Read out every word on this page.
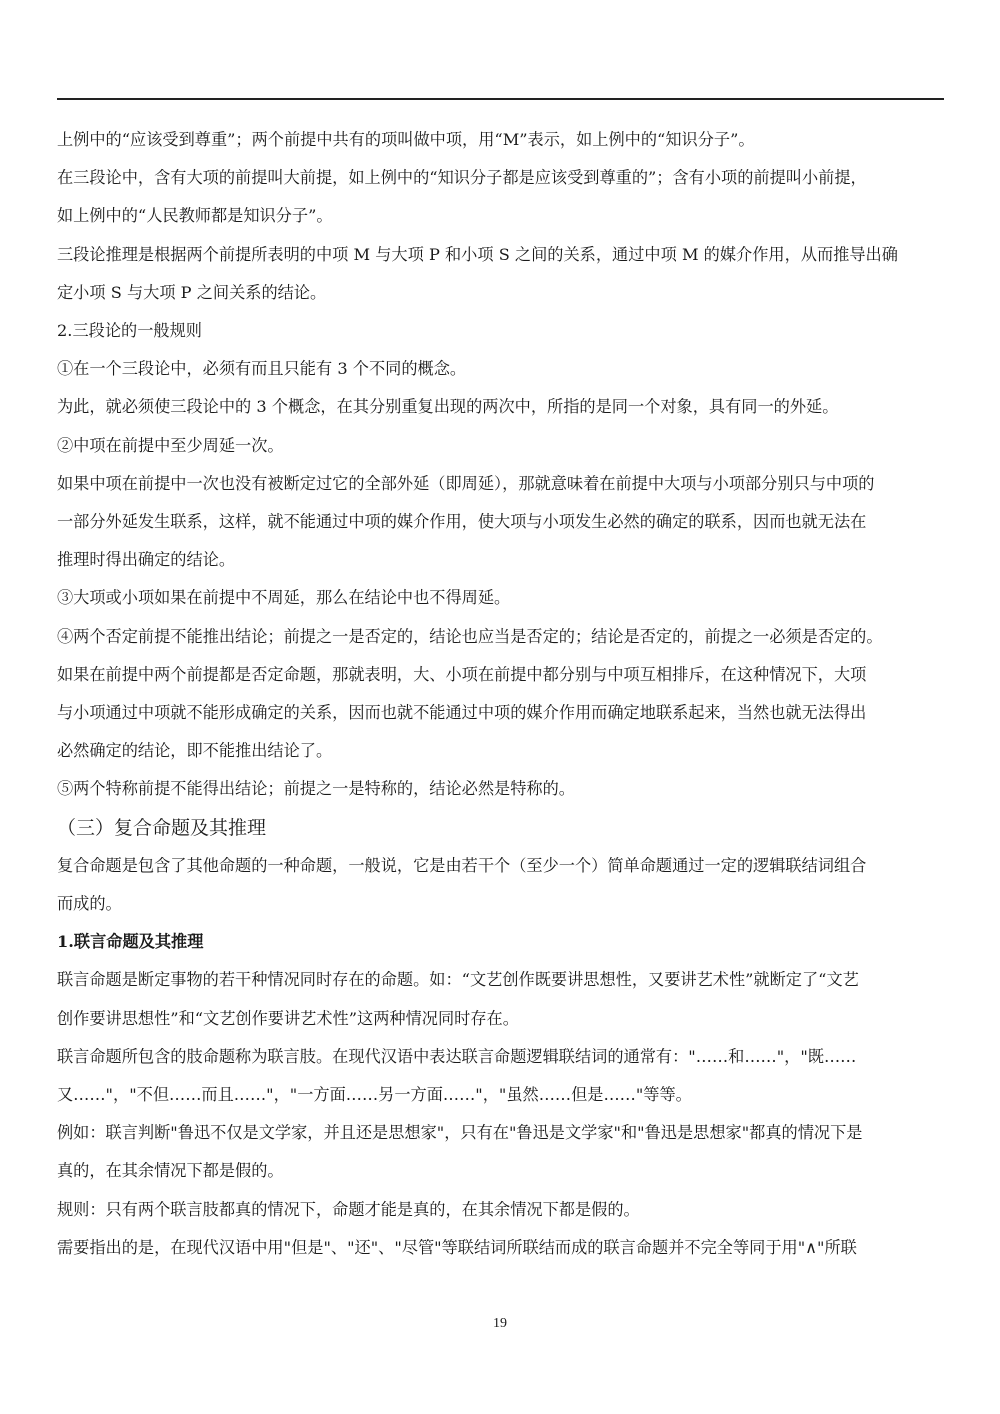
上例中的“应该受到尊重”；两个前提中共有的项叫做中项，用“M”表示，如上例中的“知识分子”。

在三段论中，含有大项的前提叫大前提，如上例中的“知识分子都是应该受到尊重的”；含有小项的前提叫小前提，

如上例中的“人民教师都是知识分子”。

三段论推理是根据两个前提所表明的中项 M 与大项 P 和小项 S 之间的关系，通过中项 M 的媒介作用，从而推导出确

定小项 S 与大项 P 之间关系的结论。

2.三段论的一般规则

①在一个三段论中，必须有而且只能有 3 个不同的概念。

为此，就必须使三段论中的 3 个概念，在其分别重复出现的两次中，所指的是同一个对象，具有同一的外延。

②中项在前提中至少周延一次。

如果中项在前提中一次也没有被断定过它的全部外延（即周延），那就意味着在前提中大项与小项部分别只与中项的

一部分外延发生联系，这样，就不能通过中项的媒介作用，使大项与小项发生必然的确定的联系，因而也就无法在

推理时得出确定的结论。

③大项或小项如果在前提中不周延，那么在结论中也不得周延。

④两个否定前提不能推出结论；前提之一是否定的，结论也应当是否定的；结论是否定的，前提之一必须是否定的。

如果在前提中两个前提都是否定命题，那就表明，大、小项在前提中都分别与中项互相排斥，在这种情况下，大项

与小项通过中项就不能形成确定的关系，因而也就不能通过中项的媒介作用而确定地联系起来，当然也就无法得出

必然确定的结论，即不能推出结论了。

⑤两个特称前提不能得出结论；前提之一是特称的，结论必然是特称的。

（三）复合命题及其推理

复合命题是包含了其他命题的一种命题，一般说，它是由若干个（至少一个）简单命题通过一定的逻辑联结词组合

而成的。

1.联言命题及其推理

联言命题是断定事物的若干种情况同时存在的命题。如：“文艺创作既要讲思想性，又要讲艺术性”就断定了“文艺

创作要讲思想性”和“文艺创作要讲艺术性”这两种情况同时存在。

联言命题所包含的肢命题称为联言肢。在现代汉语中表达联言命题逻辑联结词的通常有："……和……"，"既……

又……"，"不但……而且……"，"一方面……另一方面……"，"虽然……但是……"等等。

例如：联言判断"鲁迅不仅是文学家，并且还是思想家"，只有在"鲁迅是文学家"和"鲁迅是思想家"都真的情况下是

真的，在其余情况下都是假的。

规则：只有两个联言肢都真的情况下，命题才能是真的，在其余情况下都是假的。

需要指出的是，在现代汉语中用"但是"、"还"、"尽管"等联结词所联结而成的联言命题并不完全等同于用"∧"所联

19
